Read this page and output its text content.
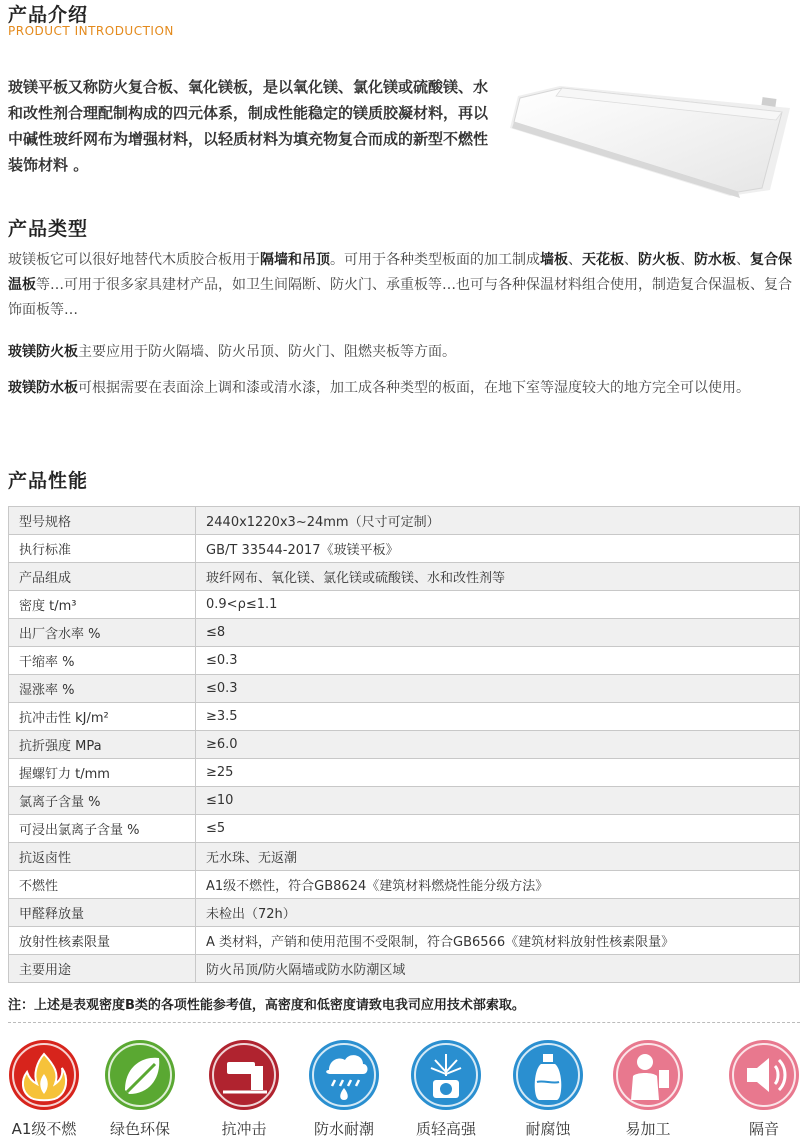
产品介绍
PRODUCT INTRODUCTION
玻镁平板又称防火复合板、氧化镁板，是以氧化镁、氯化镁或硫酸镁、水和改性剂合理配制构成的四元体系，制成性能稳定的镁质胶凝材料，再以中碱性玻纤网布为增强材料，以轻质材料为填充物复合而成的新型不燃性装饰材料 。
产品类型
玻镁板它可以很好地替代木质胶合板用于隔墙和吊顶。可用于各种类型板面的加工制成墙板、天花板、防火板、防水板、复合保温板等…可用于很多家具建材产品，如卫生间隔断、防火门、承重板等…也可与各种保温材料组合使用，制造复合保温板、复合饰面板等…
玻镁防火板主要应用于防火隔墙、防火吊顶、防火门、阻燃夹板等方面。
玻镁防水板可根据需要在表面涂上调和漆或清水漆，加工成各种类型的板面，在地下室等湿度较大的地方完全可以使用。
产品性能
型号规格	2440x1220x3~24mm（尺寸可定制）
执行标准	GB/T 33544-2017《玻镁平板》
产品组成	玻纤网布、氧化镁、氯化镁或硫酸镁、水和改性剂等
密度 t/m³	0.9<ρ≤1.1
出厂含水率 %	≤8
干缩率 %	≤0.3
湿涨率 %	≤0.3
抗冲击性 kJ/m²	≥3.5
抗折强度 MPa	≥6.0
握螺钉力 t/mm	≥25
氯离子含量 %	≤10
可浸出氯离子含量 %	≤5
抗返卤性	无水珠、无返潮
不燃性	A1级不燃性，符合GB8624《建筑材料燃烧性能分级方法》
甲醛释放量	未检出（72h）
放射性核素限量	A 类材料，产销和使用范围不受限制，符合GB6566《建筑材料放射性核素限量》
主要用途	防火吊顶/防火隔墙或防水防潮区域
注：上述是表观密度B类的各项性能参考值，高密度和低密度请致电我司应用技术部索取。
A1级不燃	绿色环保	抗冲击	防水耐潮	质轻高强	耐腐蚀	易加工	隔音
